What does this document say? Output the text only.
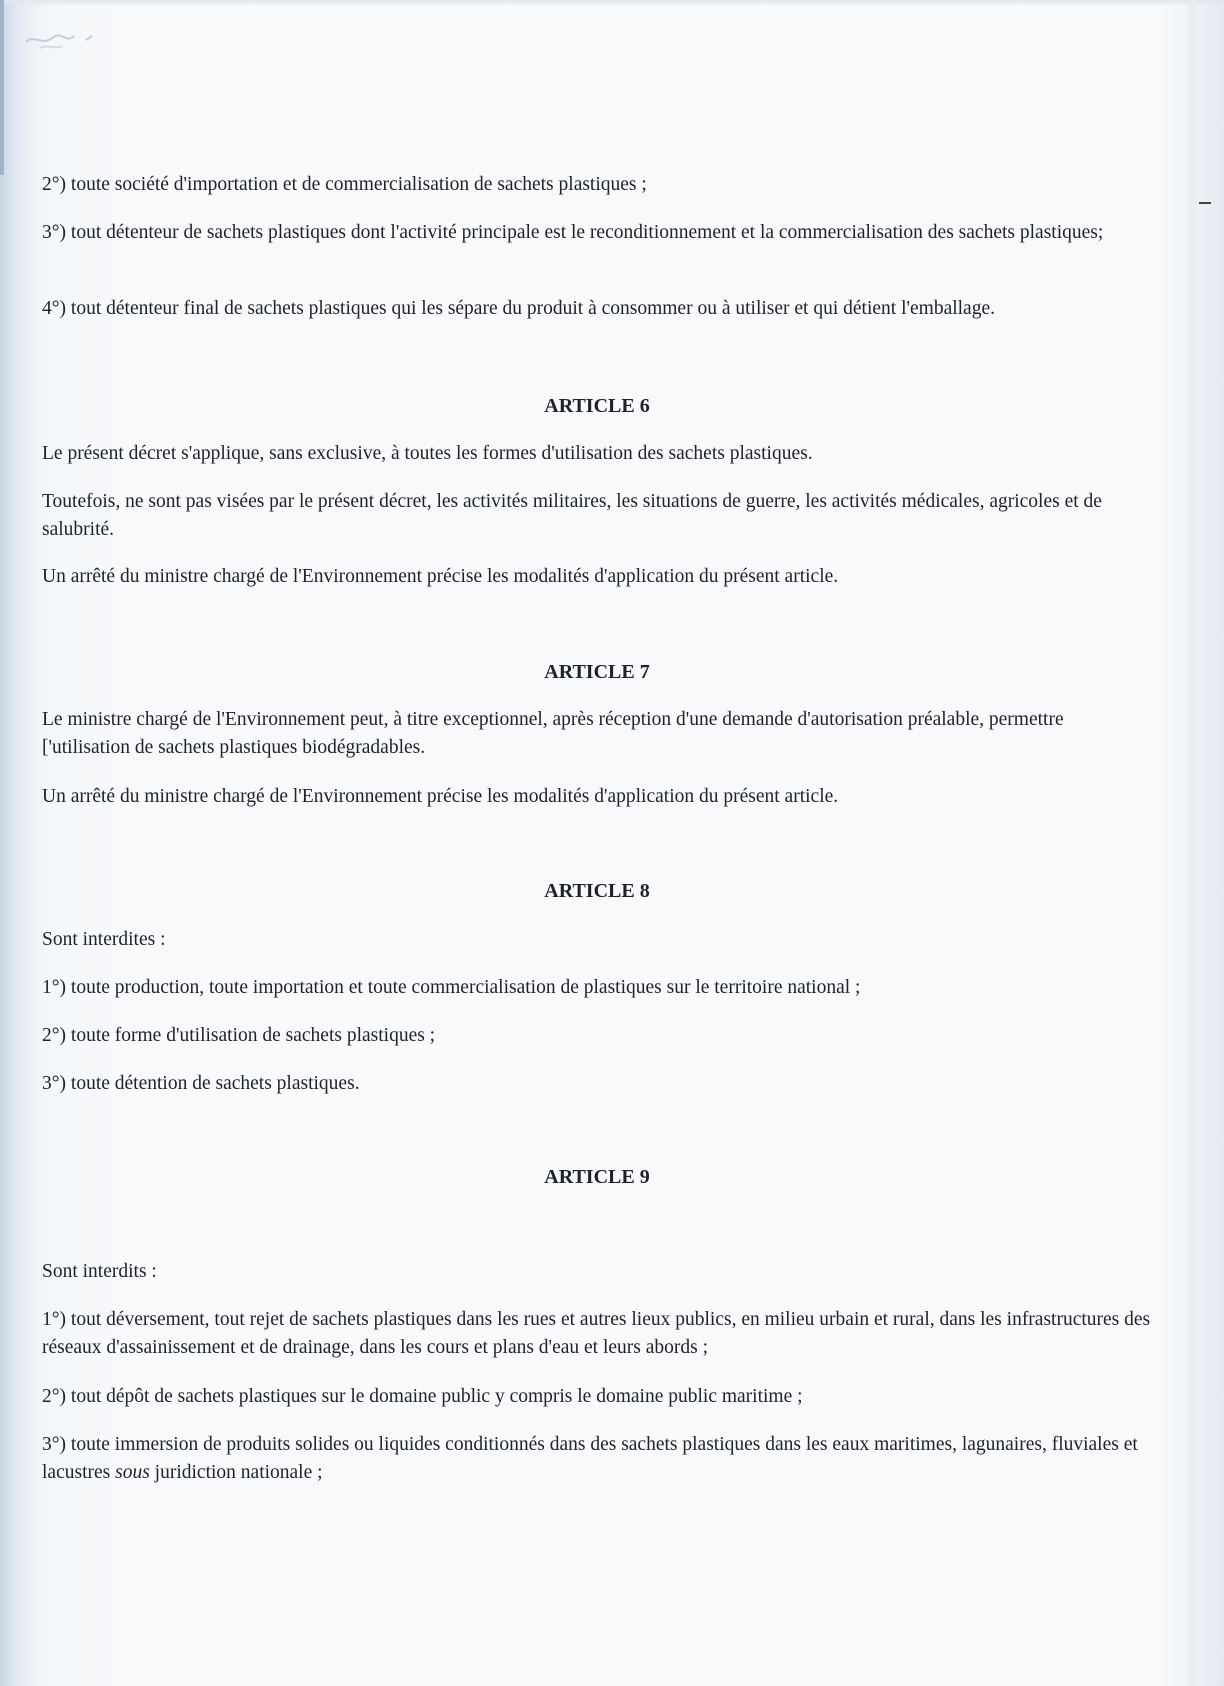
2°) toute société d'importation et de commercialisation de sachets plastiques ;

3°) tout détenteur de sachets plastiques dont l'activité principale est le reconditionnement et la commercialisation des sachets plastiques;

4°) tout détenteur final de sachets plastiques qui les sépare du produit à consommer ou à utiliser et qui détient l'emballage.

ARTICLE 6

Le présent décret s'applique, sans exclusive, à toutes les formes d'utilisation des sachets plastiques.

Toutefois, ne sont pas visées par le présent décret, les activités militaires, les situations de guerre, les activités médicales, agricoles et de salubrité.

Un arrêté du ministre chargé de l'Environnement précise les modalités d'application du présent article.

ARTICLE 7

Le ministre chargé de l'Environnement peut, à titre exceptionnel, après réception d'une demande d'autorisation préalable, permettre ['utilisation de sachets plastiques biodégradables.

Un arrêté du ministre chargé de l'Environnement précise les modalités d'application du présent article.

ARTICLE 8

Sont interdites :

1°) toute production, toute importation et toute commercialisation de plastiques sur le territoire national ;

2°) toute forme d'utilisation de sachets plastiques ;

3°) toute détention de sachets plastiques.

ARTICLE 9

Sont interdits :

1°) tout déversement, tout rejet de sachets plastiques dans les rues et autres lieux publics, en milieu urbain et rural, dans les infrastructures des réseaux d'assainissement et de drainage, dans les cours et plans d'eau et leurs abords ;

2°) tout dépôt de sachets plastiques sur le domaine public y compris le domaine public maritime ;

3°) toute immersion de produits solides ou liquides conditionnés dans des sachets plastiques dans les eaux maritimes, lagunaires, fluviales et lacustres sous juridiction nationale ;
